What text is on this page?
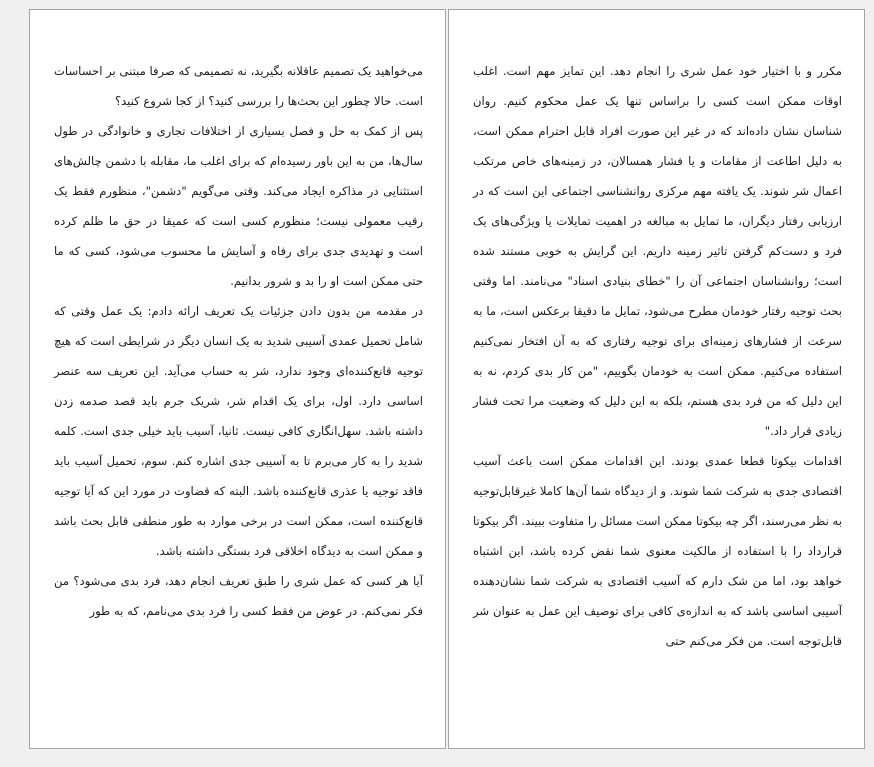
می‌خواهید یک تصمیم عاقلانه بگیرید، نه تصمیمی که صرفا مبتنی بر احساسات است. حالا چطور این بحث‌ها را بررسی کنید؟ از کجا شروع کنید؟

پس از کمک به حل و فصل بسیاری از اختلافات تجاری و خانوادگی در طول سال‌ها، من به این باور رسیده‌ام که برای اغلب ما، مقابله با دشمن چالش‌های استثنایی در مذاکره ایجاد می‌کند. وقتی می‌گویم "دشمن"، منظورم فقط یک رقیب معمولی نیست؛ منظورم کسی است که عمیقا در حق ما ظلم کرده است و تهدیدی جدی برای رفاه و آسایش ما محسوب می‌شود، کسی که ما حتی ممکن است او را بد و شرور بدانیم.

در مقدمه من بدون دادن جزئیات یک تعریف ارائه دادم: یک عمل وقتی که شامل تحمیل عمدی آسیبی شدید به یک انسان دیگر در شرایطی است که هیچ توجیه قانع‌کننده‌ای وجود ندارد، شر به حساب می‌آید. این تعریف سه عنصر اساسی دارد. اول، برای یک اقدام شر، شریک جرم باید قصد صدمه زدن داشته باشد. سهل‌انگاری کافی نیست. ثانیا، آسیب باید خیلی جدی است. کلمه شدید را به کار می‌برم تا به آسیبی جدی اشاره کنم. سوم، تحمیل آسیب باید فاقد توجیه یا عذری قانع‌کننده باشد. البته که قضاوت در مورد این که آیا توجیه قانع‌کننده است، ممکن است در برخی موارد به طور منطقی قابل بحث باشد و ممکن است به دیدگاه اخلاقی فرد بستگی داشته باشد.

آیا هر کسی که عمل شری را طبق تعریف انجام دهد، فرد بدی می‌شود؟ من فکر نمی‌کنم. در عوض من فقط کسی را فرد بدی می‌نامم، که به طور

مکرر و با اختیار خود عمل شری را انجام دهد. این تمایز مهم است. اغلب اوقات ممکن است کسی را براساس تنها یک عمل محکوم کنیم. روان شناسان نشان داده‌اند که در غیر این صورت افراد قابل احترام ممکن است، به دلیل اطاعت از مقامات و یا فشار همسالان، در زمینه‌های خاص مرتکب اعمال شر شوند. یک یافته مهم مرکزی روانشناسی اجتماعی این است که در ارزیابی رفتار دیگران، ما تمایل به مبالغه در اهمیت تمایلات یا ویژگی‌های یک فرد و دست‌کم گرفتن تاثیر زمینه داریم. این گرایش به خوبی مستند شده است؛ روانشناسان اجتماعی آن را "خطای بنیادی اسناد" می‌نامند. اما وقتی بحث توجیه رفتار خودمان مطرح می‌شود، تمایل ما دقیقا برعکس است، ما به سرعت از فشارهای زمینه‌ای برای توجیه رفتاری که به آن افتخار نمی‌کنیم استفاده می‌کنیم. ممکن است به خودمان بگوییم، "من کار بدی کردم، نه به این دلیل که من فرد بدی هستم، بلکه به این دلیل که وضعیت مرا تحت فشار زیادی قرار داد."

اقدامات بیکوتا قطعا عمدی بودند. این اقدامات ممکن است باعث آسیب اقتصادی جدی به شرکت شما شوند. و از دیدگاه شما آن‌ها کاملا غیرقابل‌توجیه به نظر می‌رسند، اگر چه بیکوتا ممکن است مسائل را متفاوت ببیند. اگر بیکوتا قرارداد را با استفاده از مالکیت معنوی شما نقض کرده باشد، این اشتباه خواهد بود، اما من شک دارم که آسیب اقتصادی به شرکت شما نشان‌دهنده آسیبی اساسی باشد که به اندازه‌ی کافی برای توصیف این عمل به عنوان شر قابل‌توجه است. من فکر می‌کنم حتی
